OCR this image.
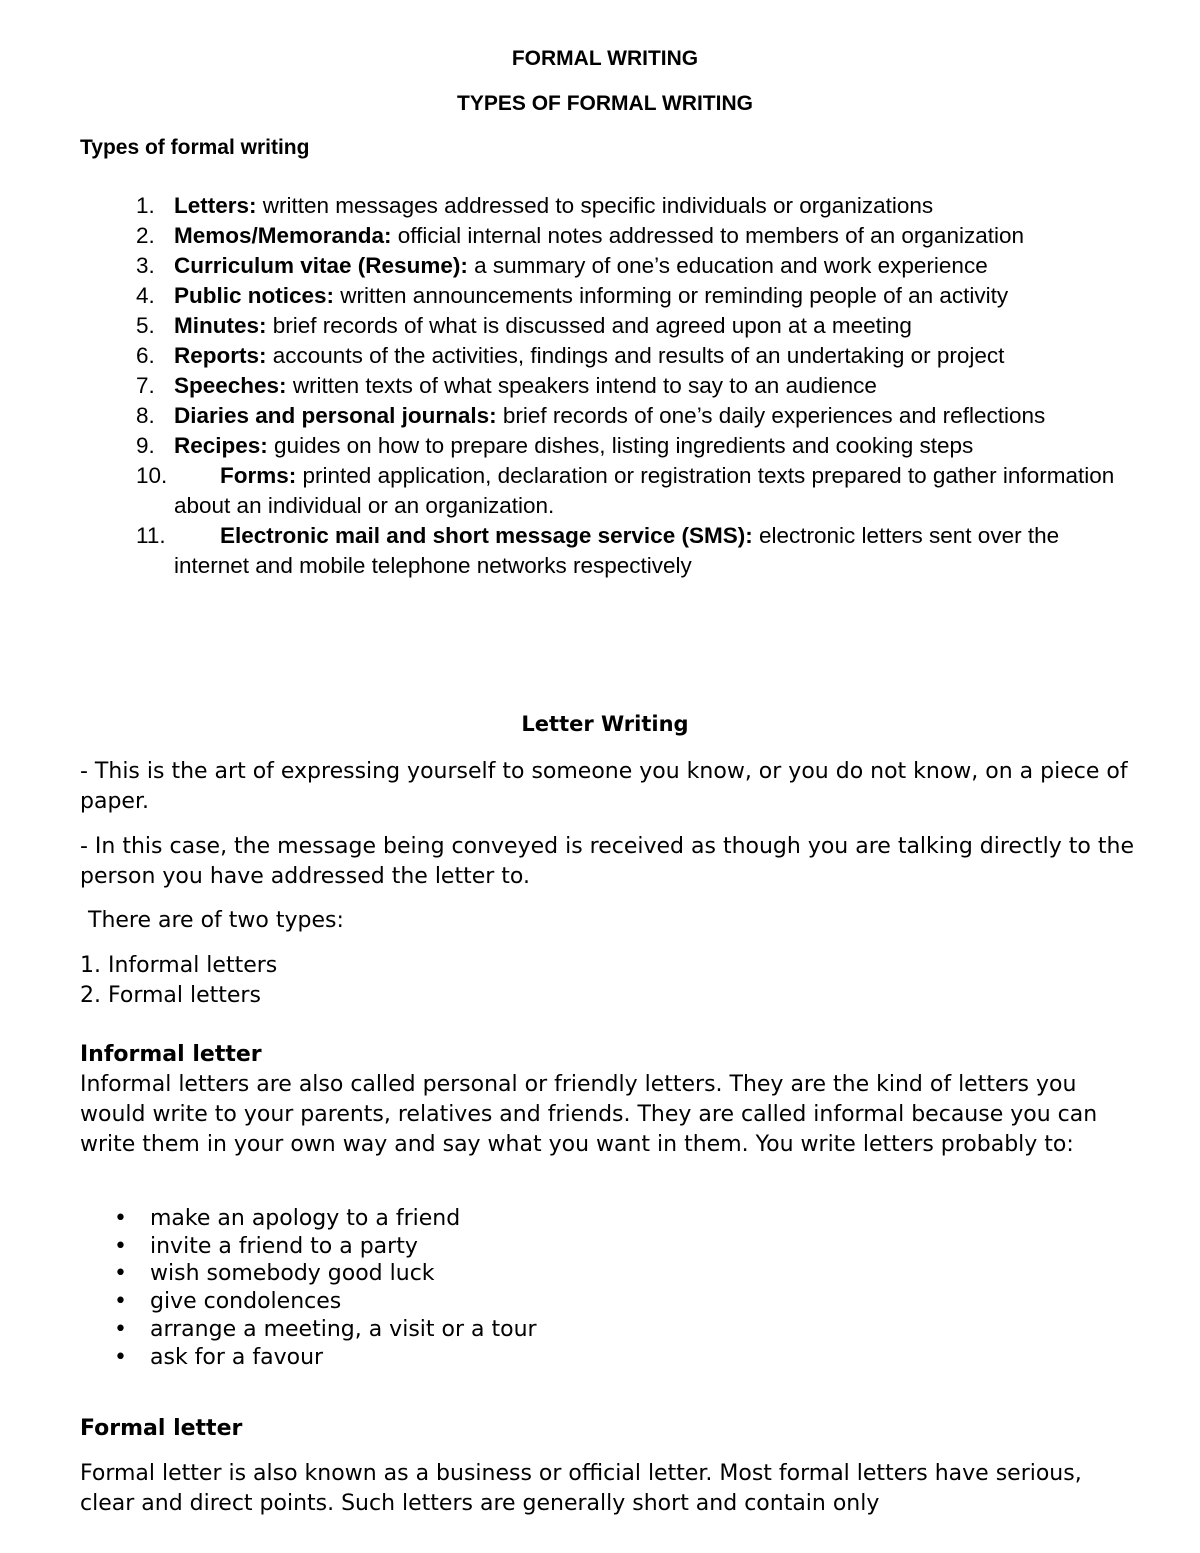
FORMAL WRITING
TYPES OF FORMAL WRITING
Types of formal writing
1. Letters: written messages addressed to specific individuals or organizations
2. Memos/Memoranda: official internal notes addressed to members of an organization
3. Curriculum vitae (Resume): a summary of one’s education and work experience
4. Public notices: written announcements informing or reminding people of an activity
5. Minutes: brief records of what is discussed and agreed upon at a meeting
6. Reports: accounts of the activities, findings and results of an undertaking or project
7. Speeches: written texts of what speakers intend to say to an audience
8. Diaries and personal journals: brief records of one’s daily experiences and reflections
9. Recipes: guides on how to prepare dishes, listing ingredients and cooking steps
10. Forms: printed application, declaration or registration texts prepared to gather information about an individual or an organization.
11. Electronic mail and short message service (SMS): electronic letters sent over the internet and mobile telephone networks respectively
Letter Writing

- This is the art of expressing yourself to someone you know, or you do not know, on a piece of paper.

- In this case, the message being conveyed is received as though you are talking directly to the person you have addressed the letter to.

There are of two types:

1. Informal letters
2. Formal letters
Informal letter

Informal letters are also called personal or friendly letters. They are the kind of letters you would write to your parents, relatives and friends. They are called informal because you can write them in your own way and say what you want in them. You write letters probably to:

• make an apology to a friend
• invite a friend to a party
• wish somebody good luck
• give condolences
• arrange a meeting, a visit or a tour
• ask for a favour
Formal letter

Formal letter is also known as a business or official letter. Most formal letters have serious, clear and direct points. Such letters are generally short and contain only
